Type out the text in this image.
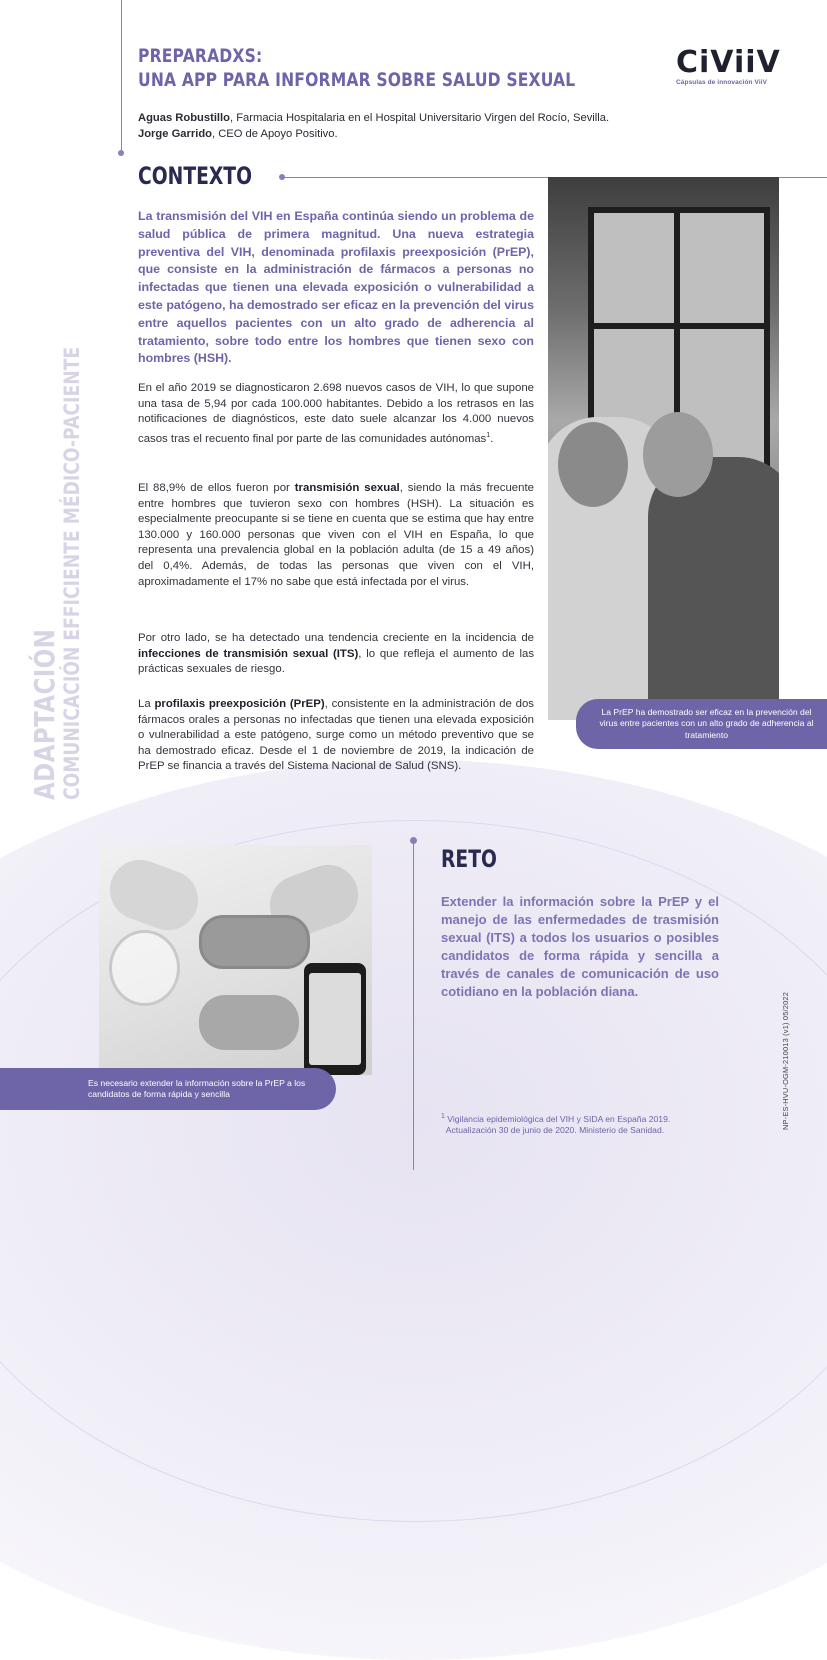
PREPARADXS:
UNA APP PARA INFORMAR SOBRE SALUD SEXUAL	CiViiV
Cápsulas de innovación ViiV
Aguas Robustillo, Farmacia Hospitalaria en el Hospital Universitario Virgen del Rocío, Sevilla.
Jorge Garrido, CEO de Apoyo Positivo.
CONTEXTO
La transmisión del VIH en España continúa siendo un problema de salud pública de primera magnitud. Una nueva estrategia preventiva del VIH, denominada profilaxis preexposición (PrEP), que consiste en la administración de fármacos a personas no infectadas que tienen una elevada exposición o vulnerabilidad a este patógeno, ha demostrado ser eficaz en la prevención del virus entre aquellos pacientes con un alto grado de adherencia al tratamiento, sobre todo entre los hombres que tienen sexo con hombres (HSH).
En el año 2019 se diagnosticaron 2.698 nuevos casos de VIH, lo que supone una tasa de 5,94 por cada 100.000 habitantes. Debido a los retrasos en las notificaciones de diagnósticos, este dato suele alcanzar los 4.000 nuevos casos tras el recuento final por parte de las comunidades autónomas$^1$.
El 88,9% de ellos fueron por transmisión sexual, siendo la más frecuente entre hombres que tuvieron sexo con hombres (HSH). La situación es especialmente preocupante si se tiene en cuenta que se estima que hay entre 130.000 y 160.000 personas que viven con el VIH en España, lo que representa una prevalencia global en la población adulta (de 15 a 49 años) del 0,4%. Además, de todas las personas que viven con el VIH, aproximadamente el 17% no sabe que está infectada por el virus.
Por otro lado, se ha detectado una tendencia creciente en la incidencia de infecciones de transmisión sexual (ITS), lo que refleja el aumento de las prácticas sexuales de riesgo.
La profilaxis preexposición (PrEP), consistente en la administración de dos fármacos orales a personas no infectadas que tienen una elevada exposición o vulnerabilidad a este patógeno, surge como un método preventivo que se ha demostrado eficaz. Desde el 1 de noviembre de 2019, la indicación de PrEP se financia a través del Sistema Nacional de Salud (SNS).
ADAPTACIÓN COMUNICACIÓN EFFICIENTE MÉDICO-PACIENTE	La PrEP ha demostrado ser eficaz en la prevención del virus entre pacientes con un alto grado de adherencia al tratamiento
Es necesario extender la información sobre la PrEP a los candidatos de forma rápida y sencilla
RETO
Extender la información sobre la PrEP y el manejo de las enfermedades de trasmisión sexual (ITS) a todos los usuarios o posibles candidatos de forma rápida y sencilla a través de canales de comunicación de uso cotidiano en la población diana.
$^1$ Vigilancia epidemiológica del VIH y SIDA en España 2019.
Actualización 30 de junio de 2020. Ministerio de Sanidad.	NP-ES-HVU-OGM-210013 (v1) 05/2022
